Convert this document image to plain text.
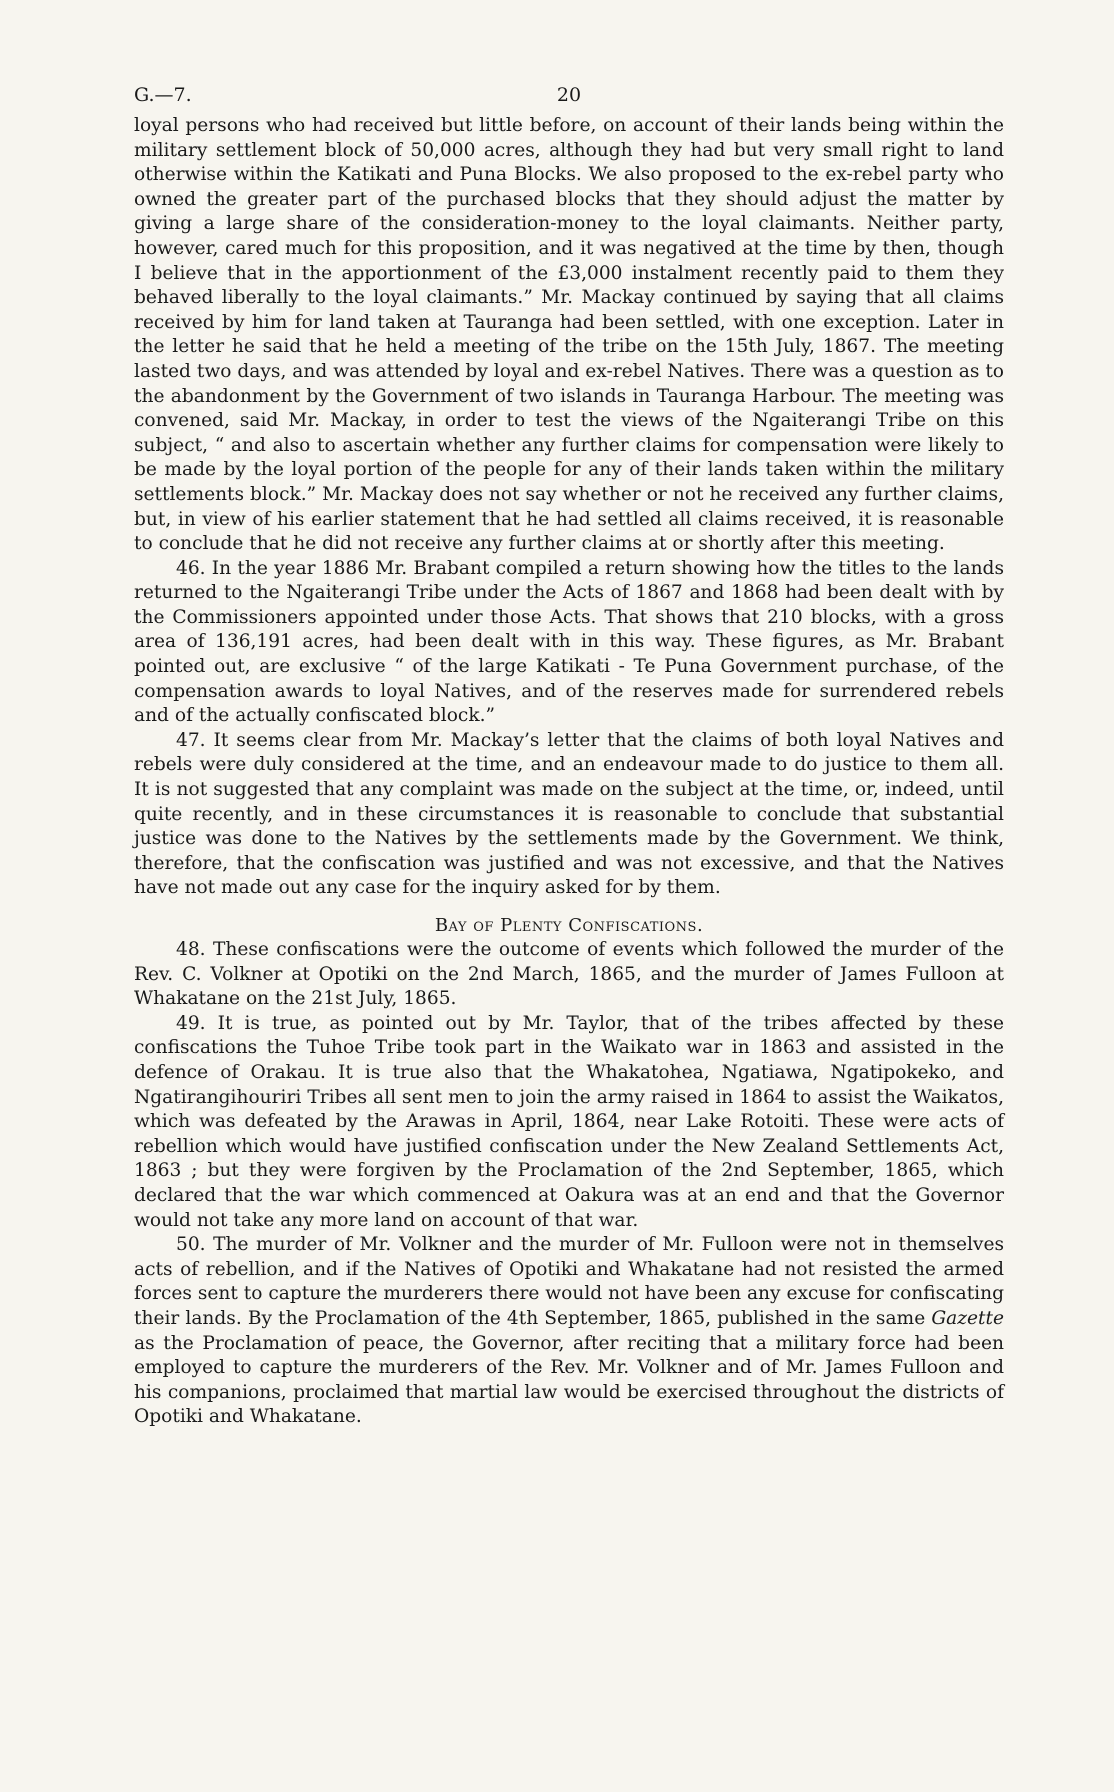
G.—7.	20

loyal persons who had received but little before, on account of their lands being within the military settlement block of 50,000 acres, although they had but very small right to land otherwise within the Katikati and Puna Blocks. We also proposed to the ex-rebel party who owned the greater part of the purchased blocks that they should adjust the matter by giving a large share of the consideration-money to the loyal claimants. Neither party, however, cared much for this proposition, and it was negatived at the time by then, though I believe that in the apportionment of the £3,000 instalment recently paid to them they behaved liberally to the loyal claimants.” Mr. Mackay continued by saying that all claims received by him for land taken at Tauranga had been settled, with one exception. Later in the letter he said that he held a meeting of the tribe on the 15th July, 1867. The meeting lasted two days, and was attended by loyal and ex-rebel Natives. There was a question as to the abandonment by the Government of two islands in Tauranga Harbour. The meeting was convened, said Mr. Mackay, in order to test the views of the Ngaiterangi Tribe on this subject, “ and also to ascertain whether any further claims for compensation were likely to be made by the loyal portion of the people for any of their lands taken within the military settlements block.” Mr. Mackay does not say whether or not he received any further claims, but, in view of his earlier statement that he had settled all claims received, it is reasonable to conclude that he did not receive any further claims at or shortly after this meeting.

46. In the year 1886 Mr. Brabant compiled a return showing how the titles to the lands returned to the Ngaiterangi Tribe under the Acts of 1867 and 1868 had been dealt with by the Commissioners appointed under those Acts. That shows that 210 blocks, with a gross area of 136,191 acres, had been dealt with in this way. These figures, as Mr. Brabant pointed out, are exclusive “ of the large Katikati - Te Puna Government purchase, of the compensation awards to loyal Natives, and of the reserves made for surrendered rebels and of the actually confiscated block.”

47. It seems clear from Mr. Mackay’s letter that the claims of both loyal Natives and rebels were duly considered at the time, and an endeavour made to do justice to them all. It is not suggested that any complaint was made on the subject at the time, or, indeed, until quite recently, and in these circumstances it is reasonable to conclude that substantial justice was done to the Natives by the settlements made by the Government. We think, therefore, that the confiscation was justified and was not excessive, and that the Natives have not made out any case for the inquiry asked for by them.

Bay of Plenty Confiscations.

48. These confiscations were the outcome of events which followed the murder of the Rev. C. Volkner at Opotiki on the 2nd March, 1865, and the murder of James Fulloon at Whakatane on the 21st July, 1865.

49. It is true, as pointed out by Mr. Taylor, that of the tribes affected by these confiscations the Tuhoe Tribe took part in the Waikato war in 1863 and assisted in the defence of Orakau. It is true also that the Whakatohea, Ngatiawa, Ngatipokeko, and Ngatirangihouriri Tribes all sent men to join the army raised in 1864 to assist the Waikatos, which was defeated by the Arawas in April, 1864, near Lake Rotoiti. These were acts of rebellion which would have justified confiscation under the New Zealand Settlements Act, 1863 ; but they were forgiven by the Proclamation of the 2nd September, 1865, which declared that the war which commenced at Oakura was at an end and that the Governor would not take any more land on account of that war.

50. The murder of Mr. Volkner and the murder of Mr. Fulloon were not in themselves acts of rebellion, and if the Natives of Opotiki and Whakatane had not resisted the armed forces sent to capture the murderers there would not have been any excuse for confiscating their lands. By the Proclamation of the 4th September, 1865, published in the same Gazette as the Proclamation of peace, the Governor, after reciting that a military force had been employed to capture the murderers of the Rev. Mr. Volkner and of Mr. James Fulloon and his companions, proclaimed that martial law would be exercised throughout the districts of Opotiki and Whakatane.
